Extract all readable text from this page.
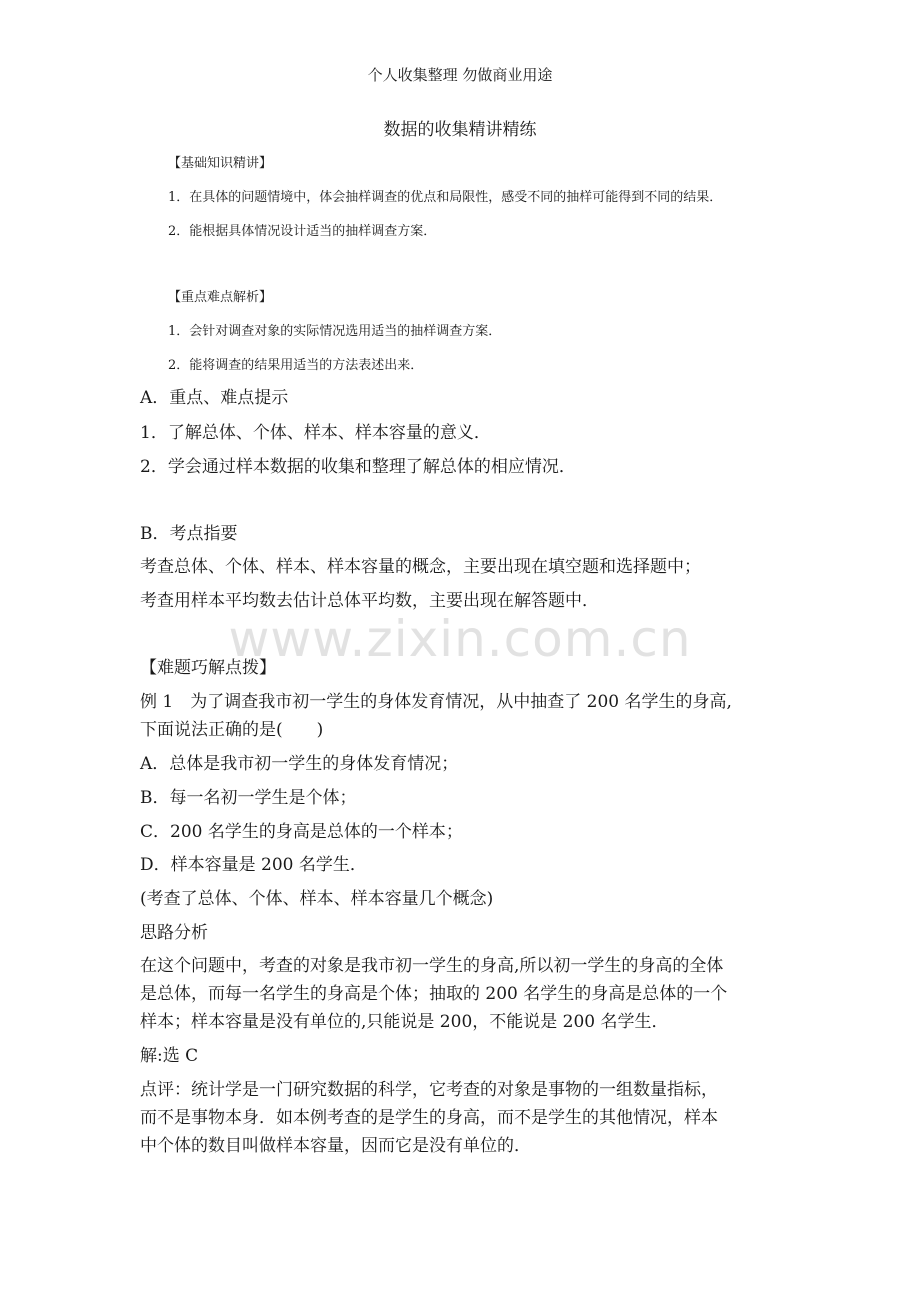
个人收集整理 勿做商业用途
数据的收集精讲精练
【基础知识精讲】
1．在具体的问题情境中，体会抽样调查的优点和局限性，感受不同的抽样可能得到不同的结果．
2．能根据具体情况设计适当的抽样调查方案．
【重点难点解析】
1．会针对调查对象的实际情况选用适当的抽样调查方案．
2．能将调查的结果用适当的方法表述出来．
A．重点、难点提示
1．了解总体、个体、样本、样本容量的意义．
2．学会通过样本数据的收集和整理了解总体的相应情况．
B．考点指要
考查总体、个体、样本、样本容量的概念，主要出现在填空题和选择题中；
考查用样本平均数去估计总体平均数，主要出现在解答题中．
www.zixin.com.cn
【难题巧解点拨】
例 1　为了调查我市初一学生的身体发育情况，从中抽查了 200 名学生的身高,
下面说法正确的是(　　)
A．总体是我市初一学生的身体发育情况；
B．每一名初一学生是个体；
C．200 名学生的身高是总体的一个样本；
D．样本容量是 200 名学生．
(考查了总体、个体、样本、样本容量几个概念)
思路分析
在这个问题中，考查的对象是我市初一学生的身高,所以初一学生的身高的全体
是总体，而每一名学生的身高是个体；抽取的 200 名学生的身高是总体的一个
样本；样本容量是没有单位的,只能说是 200，不能说是 200 名学生．
解:选 C
点评：统计学是一门研究数据的科学，它考查的对象是事物的一组数量指标，
而不是事物本身．如本例考查的是学生的身高，而不是学生的其他情况，样本
中个体的数目叫做样本容量，因而它是没有单位的．
